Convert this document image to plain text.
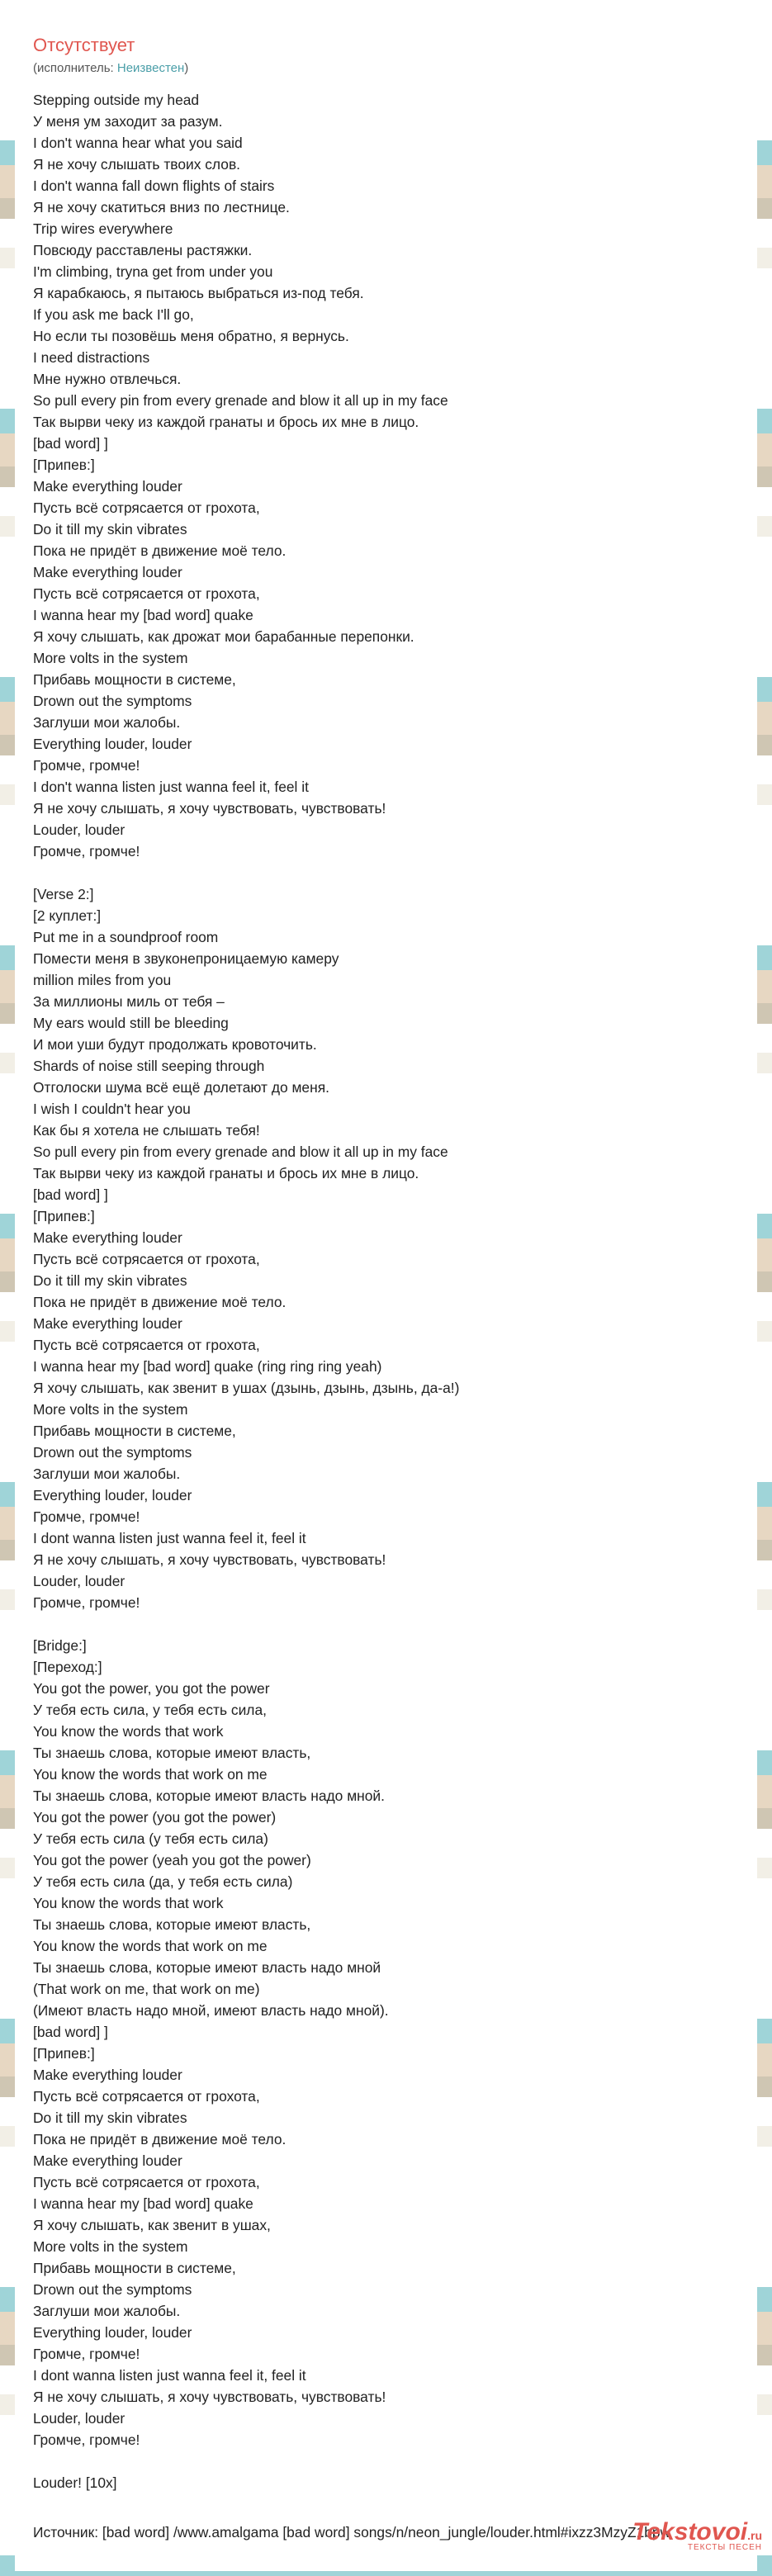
Отсутствует
(исполнитель: Неизвестен)
Stepping outside my head
У меня ум заходит за разум.
I don't wanna hear what you said
Я не хочу слышать твоих слов.
I don't wanna fall down flights of stairs
Я не хочу скатиться вниз по лестнице.
Trip wires everywhere
Повсюду расставлены растяжки.
I'm climbing, tryna get from under you
Я карабкаюсь, я пытаюсь выбраться из-под тебя.
If you ask me back I'll go,
Но если ты позовёшь меня обратно, я вернусь.
I need distractions
Мне нужно отвлечься.
So pull every pin from every grenade and blow it all up in my face
Так вырви чеку из каждой гранаты и брось их мне в лицо.
[bad word] ]
[Припев:]
Make everything louder
Пусть всё сотрясается от грохота,
Do it till my skin vibrates
Пока не придёт в движение моё тело.
Make everything louder
Пусть всё сотрясается от грохота,
I wanna hear my [bad word] quake
Я хочу слышать, как дрожат мои барабанные перепонки.
More volts in the system
Прибавь мощности в системе,
Drown out the symptoms
Заглуши мои жалобы.
Everything louder, louder
Громче, громче!
I don't wanna listen just wanna feel it, feel it
Я не хочу слышать, я хочу чувствовать, чувствовать!
Louder, louder
Громче, громче!
[Verse 2:]
[2 куплет:]
Put me in a soundproof room
Помести меня в звуконепроницаемую камеру
million miles from you
За миллионы миль от тебя –
My ears would still be bleeding
И мои уши будут продолжать кровоточить.
Shards of noise still seeping through
Отголоски шума всё ещё долетают до меня.
I wish I couldn't hear you
Как бы я хотела не слышать тебя!
So pull every pin from every grenade and blow it all up in my face
Так вырви чеку из каждой гранаты и брось их мне в лицо.
[bad word] ]
[Припев:]
Make everything louder
Пусть всё сотрясается от грохота,
Do it till my skin vibrates
Пока не придёт в движение моё тело.
Make everything louder
Пусть всё сотрясается от грохота,
I wanna hear my [bad word] quake (ring ring ring yeah)
Я хочу слышать, как звенит в ушах (дзынь, дзынь, дзынь, да-а!)
More volts in the system
Прибавь мощности в системе,
Drown out the symptoms
Заглуши мои жалобы.
Everything louder, louder
Громче, громче!
I dont wanna listen just wanna feel it, feel it
Я не хочу слышать, я хочу чувствовать, чувствовать!
Louder, louder
Громче, громче!
[Bridge:]
[Переход:]
You got the power, you got the power
У тебя есть сила, у тебя есть сила,
You know the words that work
Ты знаешь слова, которые имеют власть,
You know the words that work on me
Ты знаешь слова, которые имеют власть надо мной.
You got the power (you got the power)
У тебя есть сила (у тебя есть сила)
You got the power (yeah you got the power)
У тебя есть сила (да, у тебя есть сила)
You know the words that work
Ты знаешь слова, которые имеют власть,
You know the words that work on me
Ты знаешь слова, которые имеют власть надо мной
(That work on me, that work on me)
(Имеют власть надо мной, имеют власть надо мной).
[bad word] ]
[Припев:]
Make everything louder
Пусть всё сотрясается от грохота,
Do it till my skin vibrates
Пока не придёт в движение моё тело.
Make everything louder
Пусть всё сотрясается от грохота,
I wanna hear my [bad word] quake
Я хочу слышать, как звенит в ушах,
More volts in the system
Прибавь мощности в системе,
Drown out the symptoms
Заглуши мои жалобы.
Everything louder, louder
Громче, громче!
I dont wanna listen just wanna feel it, feel it
Я не хочу слышать, я хочу чувствовать, чувствовать!
Louder, louder
Громче, громче!
Louder! [10x]
Источник: [bad word] /www.amalgama [bad word] songs/n/neon_jungle/louder.html#ixzz3MzyZ1bpw
Tekstovoi.ru
ТЕКСТЫ ПЕСЕН
